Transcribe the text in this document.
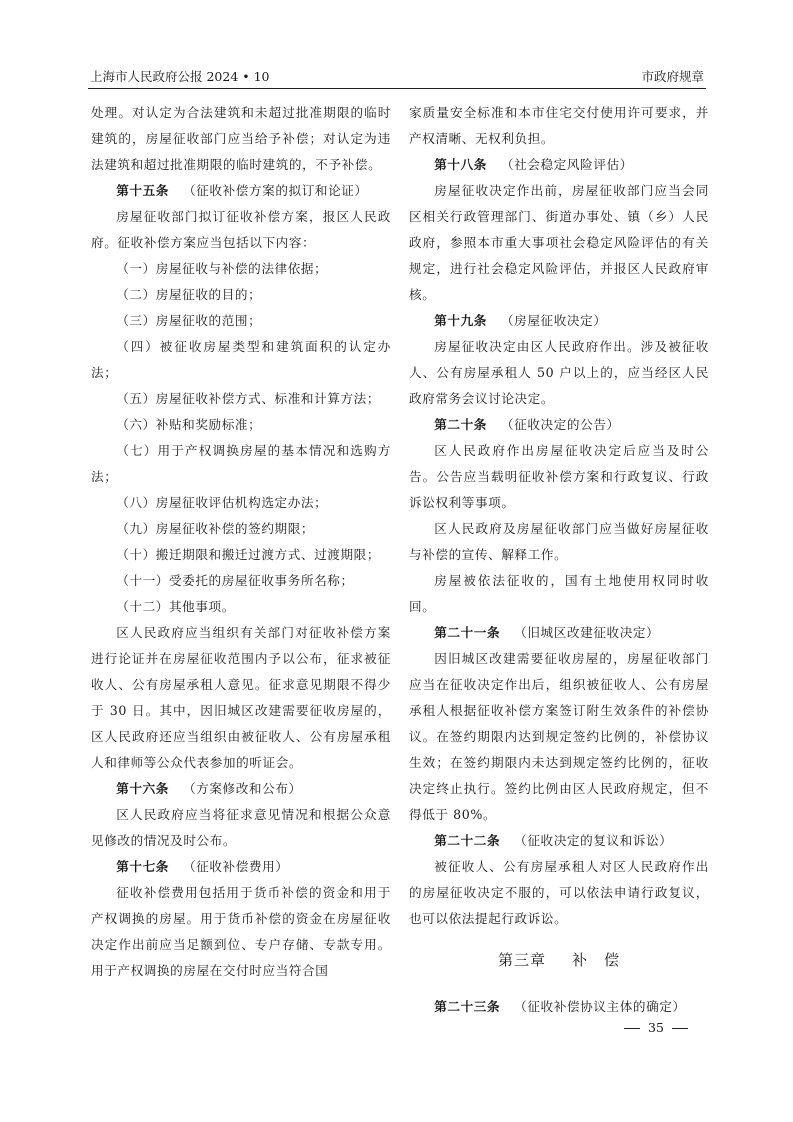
上海市人民政府公报 2024 • 10	市政府规章

处理。对认定为合法建筑和未超过批准期限的临时建筑的，房屋征收部门应当给予补偿；对认定为违法建筑和超过批准期限的临时建筑的，不予补偿。

第十五条 （征收补偿方案的拟订和论证）

房屋征收部门拟订征收补偿方案，报区人民政府。征收补偿方案应当包括以下内容：

（一）房屋征收与补偿的法律依据；

（二）房屋征收的目的；

（三）房屋征收的范围；

（四）被征收房屋类型和建筑面积的认定办法；

（五）房屋征收补偿方式、标准和计算方法；

（六）补贴和奖励标准；

（七）用于产权调换房屋的基本情况和选购方法；

（八）房屋征收评估机构选定办法；

（九）房屋征收补偿的签约期限；

（十）搬迁期限和搬迁过渡方式、过渡期限；

（十一）受委托的房屋征收事务所名称；

（十二）其他事项。

区人民政府应当组织有关部门对征收补偿方案进行论证并在房屋征收范围内予以公布，征求被征收人、公有房屋承租人意见。征求意见期限不得少于 30 日。其中，因旧城区改建需要征收房屋的，区人民政府还应当组织由被征收人、公有房屋承租人和律师等公众代表参加的听证会。

第十六条 （方案修改和公布）

区人民政府应当将征求意见情况和根据公众意见修改的情况及时公布。

第十七条 （征收补偿费用）

征收补偿费用包括用于货币补偿的资金和用于产权调换的房屋。用于货币补偿的资金在房屋征收决定作出前应当足额到位、专户存储、专款专用。用于产权调换的房屋在交付时应当符合国

家质量安全标准和本市住宅交付使用许可要求，并产权清晰、无权利负担。

第十八条 （社会稳定风险评估）

房屋征收决定作出前，房屋征收部门应当会同区相关行政管理部门、街道办事处、镇（乡）人民政府，参照本市重大事项社会稳定风险评估的有关规定，进行社会稳定风险评估，并报区人民政府审核。

第十九条 （房屋征收决定）

房屋征收决定由区人民政府作出。涉及被征收人、公有房屋承租人 50 户以上的，应当经区人民政府常务会议讨论决定。

第二十条 （征收决定的公告）

区人民政府作出房屋征收决定后应当及时公告。公告应当载明征收补偿方案和行政复议、行政诉讼权利等事项。

区人民政府及房屋征收部门应当做好房屋征收与补偿的宣传、解释工作。

房屋被依法征收的，国有土地使用权同时收回。

第二十一条 （旧城区改建征收决定）

因旧城区改建需要征收房屋的，房屋征收部门应当在征收决定作出后，组织被征收人、公有房屋承租人根据征收补偿方案签订附生效条件的补偿协议。在签约期限内达到规定签约比例的，补偿协议生效；在签约期限内未达到规定签约比例的，征收决定终止执行。签约比例由区人民政府规定，但不得低于 80%。

第二十二条 （征收决定的复议和诉讼）

被征收人、公有房屋承租人对区人民政府作出的房屋征收决定不服的，可以依法申请行政复议，也可以依法提起行政诉讼。

第三章 补　偿

第二十三条 （征收补偿协议主体的确定）

35
